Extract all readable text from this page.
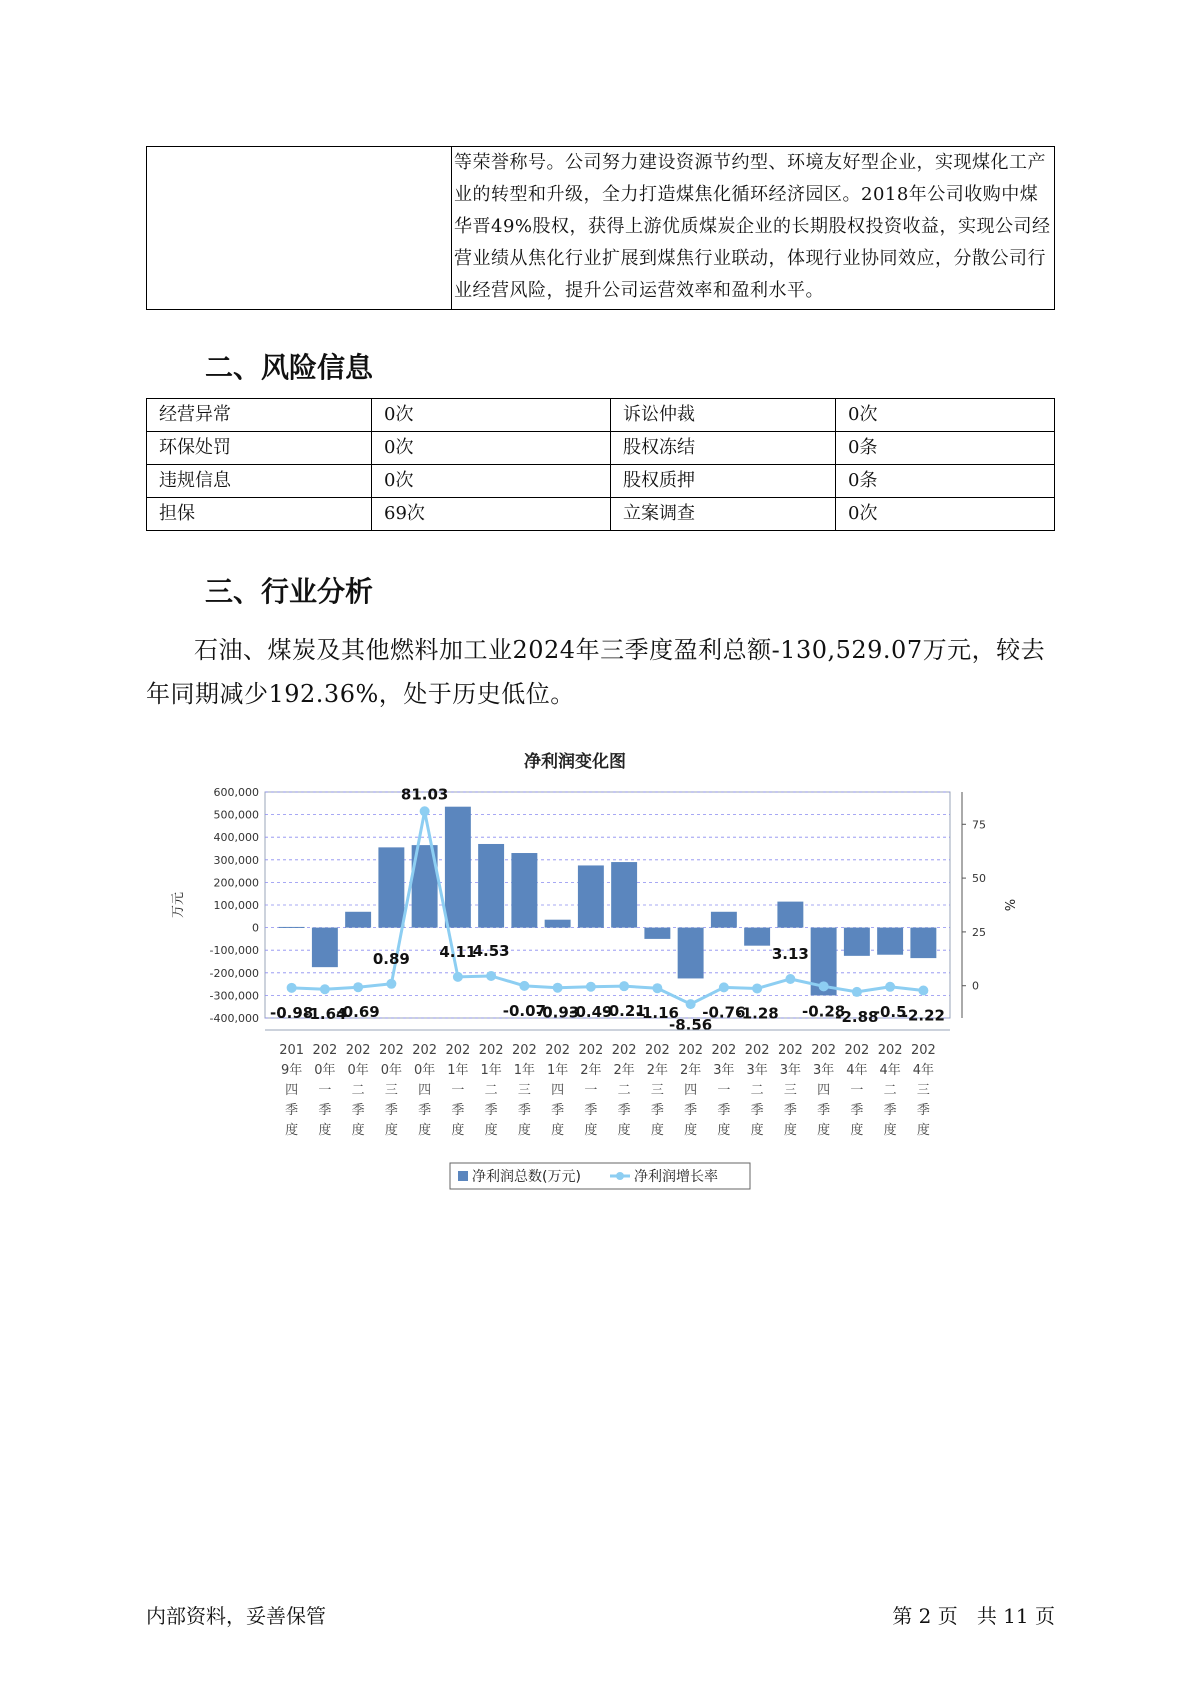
	等荣誉称号。公司努力建设资源节约型、环境友好型企业，实现煤化工产业的转型和升级，全力打造煤焦化循环经济园区。2018年公司收购中煤华晋49%股权，获得上游优质煤炭企业的长期股权投资收益，实现公司经营业绩从焦化行业扩展到煤焦行业联动，体现行业协同效应，分散公司行业经营风险，提升公司运营效率和盈利水平。
二、风险信息
经营异常	0次	诉讼仲裁	0次
环保处罚	0次	股权冻结	0条
违规信息	0次	股权质押	0条
担保	69次	立案调查	0次
三、行业分析
石油、煤炭及其他燃料加工业2024年三季度盈利总额-130,529.07万元，较去年同期减少192.36%，处于历史低位。
净利润变化图
600,000
500,000
400,000
300,000
200,000
100,000
0
-100,000
-200,000
-300,000
-400,000
75
50
25
0
万元	%
-0.98
-1.64
-0.69
0.89
81.03
4.11
4.53
-0.07
-0.93
-0.49
-0.21
-1.16
-8.56
-0.76
-1.28
3.13
-0.28
-2.88
-0.5
-2.22
201
9年
四
季
度
202
0年
一
季
度
202
0年
二
季
度
202
0年
三
季
度
202
0年
四
季
度
202
1年
一
季
度
202
1年
二
季
度
202
1年
三
季
度
202
1年
四
季
度
202
2年
一
季
度
202
2年
二
季
度
202
2年
三
季
度
202
2年
四
季
度
202
3年
一
季
度
202
3年
二
季
度
202
3年
三
季
度
202
3年
四
季
度
202
4年
一
季
度
202
4年
二
季
度
202
4年
三
季
度
净利润总数(万元)	净利润增长率
内部资料，妥善保管	第 2 页   共 11 页
